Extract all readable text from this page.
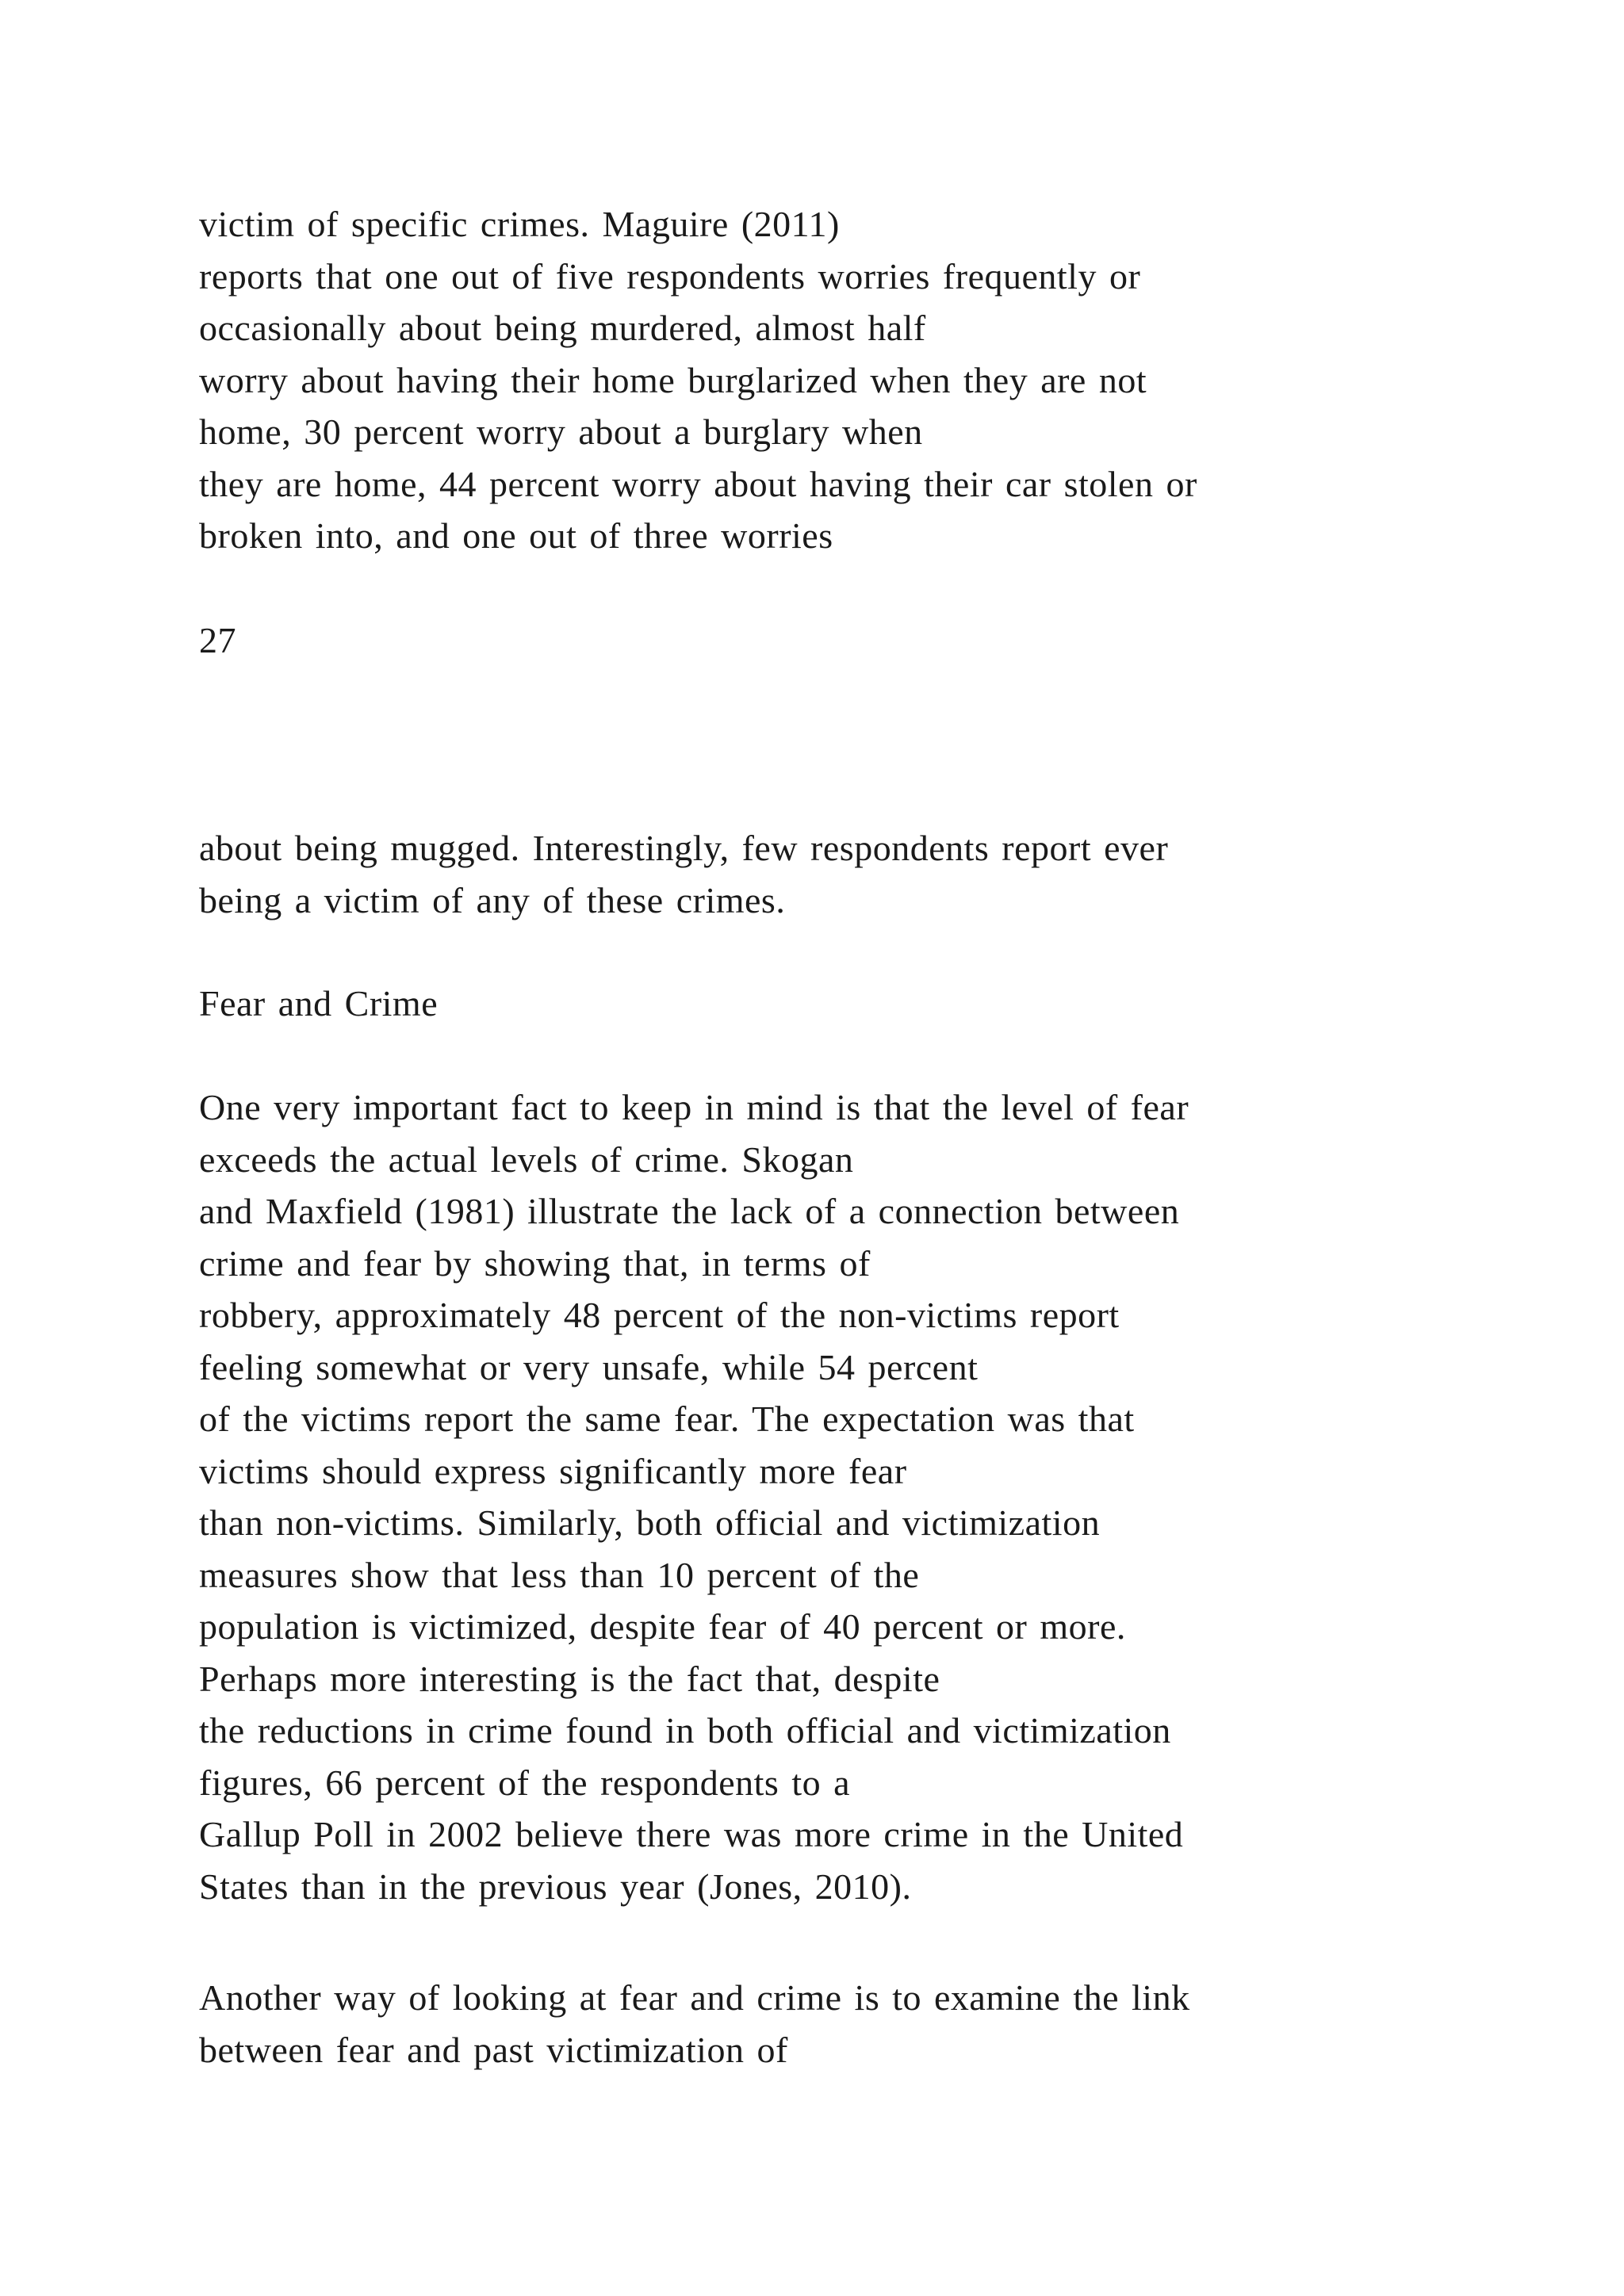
victim of specific crimes. Maguire (2011)
reports that one out of five respondents worries frequently or
occasionally about being murdered, almost half
worry about having their home burglarized when they are not
home, 30 percent worry about a burglary when
they are home, 44 percent worry about having their car stolen or
broken into, and one out of three worries
27
about being mugged. Interestingly, few respondents report ever
being a victim of any of these crimes.
Fear and Crime
One very important fact to keep in mind is that the level of fear
exceeds the actual levels of crime. Skogan
and Maxfield (1981) illustrate the lack of a connection between
crime and fear by showing that, in terms of
robbery, approximately 48 percent of the non-victims report
feeling somewhat or very unsafe, while 54 percent
of the victims report the same fear. The expectation was that
victims should express significantly more fear
than non-victims. Similarly, both official and victimization
measures show that less than 10 percent of the
population is victimized, despite fear of 40 percent or more.
Perhaps more interesting is the fact that, despite
the reductions in crime found in both official and victimization
figures, 66 percent of the respondents to a
Gallup Poll in 2002 believe there was more crime in the United
States than in the previous year (Jones, 2010).
Another way of looking at fear and crime is to examine the link
between fear and past victimization of
